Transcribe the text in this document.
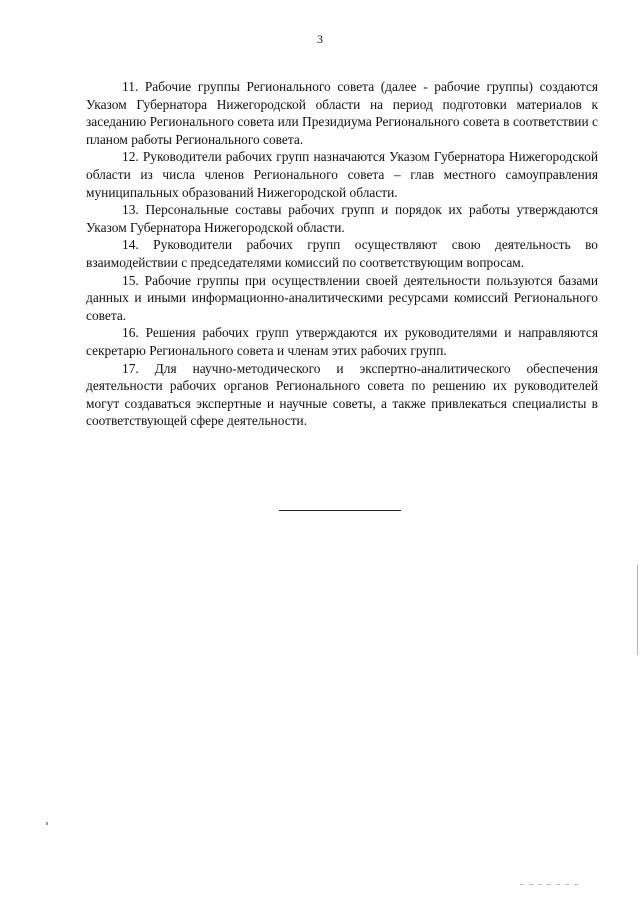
3

11. Рабочие группы Регионального совета (далее - рабочие группы) создаются Указом Губернатора Нижегородской области на период подготовки материалов к заседанию Регионального совета или Президиума Регионального совета в соответствии с планом работы Регионального совета.

12. Руководители рабочих групп назначаются Указом Губернатора Нижегородской области из числа членов Регионального совета – глав местного самоуправления муниципальных образований Нижегородской области.

13. Персональные составы рабочих групп и порядок их работы утверждаются Указом Губернатора Нижегородской области.

14. Руководители рабочих групп осуществляют свою деятельность во взаимодействии с председателями комиссий по соответствующим вопросам.

15. Рабочие группы при осуществлении своей деятельности пользуются базами данных и иными информационно-аналитическими ресурсами комиссий Регионального совета.

16. Решения рабочих групп утверждаются их руководителями и направляются секретарю Регионального совета и членам этих рабочих групп.

17. Для научно-методического и экспертно-аналитического обеспечения деятельности рабочих органов Регионального совета по решению их руководителей могут создаваться экспертные и научные советы, а также привлекаться специалисты в соответствующей сфере деятельности.
